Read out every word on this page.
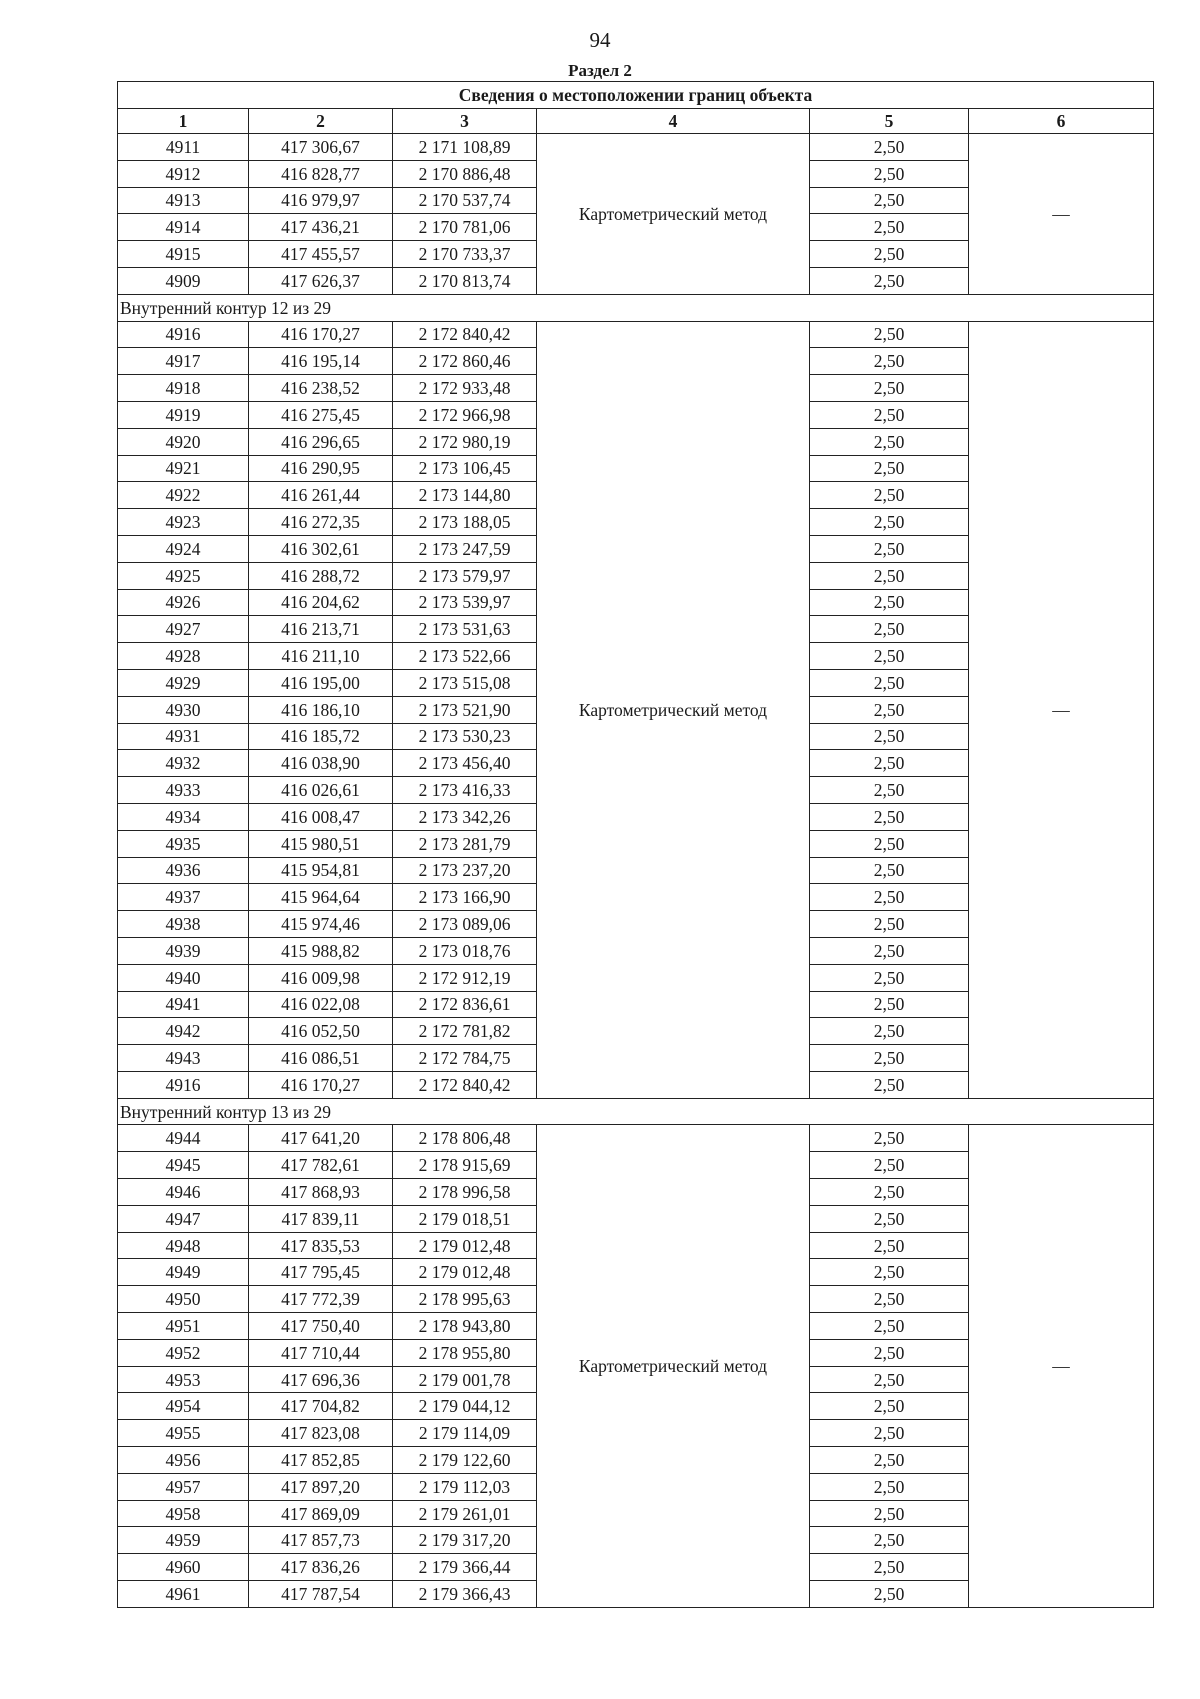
94
Раздел 2
Сведения о местоположении границ объекта					
1	2	3	4	5	6
4911	417 306,67	2 171 108,89	Картометрический метод	2,50	—
4912	416 828,77	2 170 886,48		2,50	
4913	416 979,97	2 170 537,74		2,50	
4914	417 436,21	2 170 781,06		2,50	
4915	417 455,57	2 170 733,37		2,50	
4909	417 626,37	2 170 813,74		2,50	
Внутренний контур 12 из 29					
4916	416 170,27	2 172 840,42	Картометрический метод	2,50	—
4917	416 195,14	2 172 860,46		2,50	
4918	416 238,52	2 172 933,48		2,50	
4919	416 275,45	2 172 966,98		2,50	
4920	416 296,65	2 172 980,19		2,50	
4921	416 290,95	2 173 106,45		2,50	
4922	416 261,44	2 173 144,80		2,50	
4923	416 272,35	2 173 188,05		2,50	
4924	416 302,61	2 173 247,59		2,50	
4925	416 288,72	2 173 579,97		2,50	
4926	416 204,62	2 173 539,97		2,50	
4927	416 213,71	2 173 531,63		2,50	
4928	416 211,10	2 173 522,66		2,50	
4929	416 195,00	2 173 515,08		2,50	
4930	416 186,10	2 173 521,90		2,50	
4931	416 185,72	2 173 530,23		2,50	
4932	416 038,90	2 173 456,40		2,50	
4933	416 026,61	2 173 416,33		2,50	
4934	416 008,47	2 173 342,26		2,50	
4935	415 980,51	2 173 281,79		2,50	
4936	415 954,81	2 173 237,20		2,50	
4937	415 964,64	2 173 166,90		2,50	
4938	415 974,46	2 173 089,06		2,50	
4939	415 988,82	2 173 018,76		2,50	
4940	416 009,98	2 172 912,19		2,50	
4941	416 022,08	2 172 836,61		2,50	
4942	416 052,50	2 172 781,82		2,50	
4943	416 086,51	2 172 784,75		2,50	
4916	416 170,27	2 172 840,42		2,50	
Внутренний контур 13 из 29					
4944	417 641,20	2 178 806,48	Картометрический метод	2,50	—
4945	417 782,61	2 178 915,69		2,50	
4946	417 868,93	2 178 996,58		2,50	
4947	417 839,11	2 179 018,51		2,50	
4948	417 835,53	2 179 012,48		2,50	
4949	417 795,45	2 179 012,48		2,50	
4950	417 772,39	2 178 995,63		2,50	
4951	417 750,40	2 178 943,80		2,50	
4952	417 710,44	2 178 955,80		2,50	
4953	417 696,36	2 179 001,78		2,50	
4954	417 704,82	2 179 044,12		2,50	
4955	417 823,08	2 179 114,09		2,50	
4956	417 852,85	2 179 122,60		2,50	
4957	417 897,20	2 179 112,03		2,50	
4958	417 869,09	2 179 261,01		2,50	
4959	417 857,73	2 179 317,20		2,50	
4960	417 836,26	2 179 366,44		2,50	
4961	417 787,54	2 179 366,43		2,50	
